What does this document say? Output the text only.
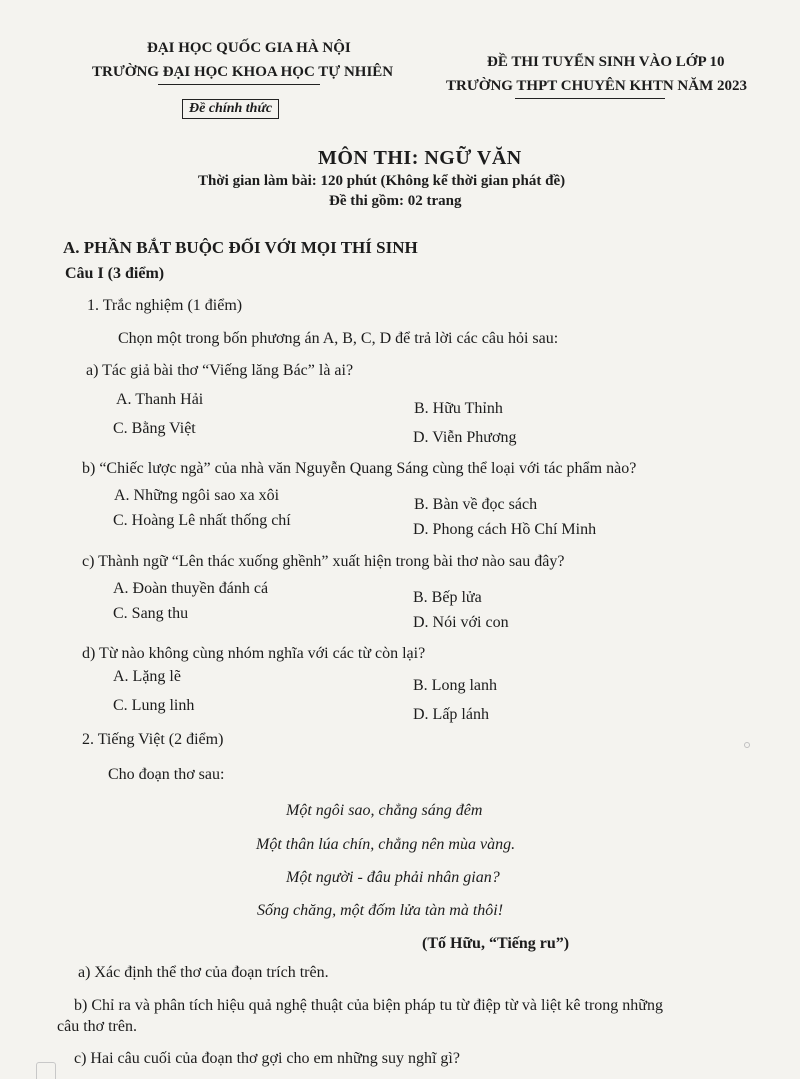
ĐẠI HỌC QUỐC GIA HÀ NỘI
TRƯỜNG ĐẠI HỌC KHOA HỌC TỰ NHIÊN
Đề chính thức
ĐỀ THI TUYỂN SINH VÀO LỚP 10
TRƯỜNG THPT CHUYÊN KHTN NĂM 2023
MÔN THI: NGỮ VĂN
Thời gian làm bài: 120 phút (Không kể thời gian phát đề)
Đề thi gồm: 02 trang
A. PHẦN BẮT BUỘC ĐỐI VỚI MỌI THÍ SINH
Câu I (3 điểm)
1. Trắc nghiệm (1 điểm)
Chọn một trong bốn phương án A, B, C, D để trả lời các câu hỏi sau:
a) Tác giả bài thơ “Viếng lăng Bác” là ai?
A. Thanh Hải
B. Hữu Thỉnh
C. Bằng Việt
D. Viễn Phương
b) “Chiếc lược ngà” của nhà văn Nguyễn Quang Sáng cùng thể loại với tác phẩm nào?
A. Những ngôi sao xa xôi
B. Bàn về đọc sách
C. Hoàng Lê nhất thống chí
D. Phong cách Hồ Chí Minh
c) Thành ngữ “Lên thác xuống ghềnh” xuất hiện trong bài thơ nào sau đây?
A. Đoàn thuyền đánh cá
B. Bếp lửa
C. Sang thu
D. Nói với con
d) Từ nào không cùng nhóm nghĩa với các từ còn lại?
A. Lặng lẽ
B. Long lanh
C. Lung linh
D. Lấp lánh
2. Tiếng Việt (2 điểm)
Cho đoạn thơ sau:
Một ngôi sao, chẳng sáng đêm
Một thân lúa chín, chẳng nên mùa vàng.
Một người - đâu phải nhân gian?
Sống chăng, một đốm lửa tàn mà thôi!
(Tố Hữu, “Tiếng ru”)
a) Xác định thể thơ của đoạn trích trên.
b) Chỉ ra và phân tích hiệu quả nghệ thuật của biện pháp tu từ điệp từ và liệt kê trong những
câu thơ trên.
c) Hai câu cuối của đoạn thơ gợi cho em những suy nghĩ gì?
